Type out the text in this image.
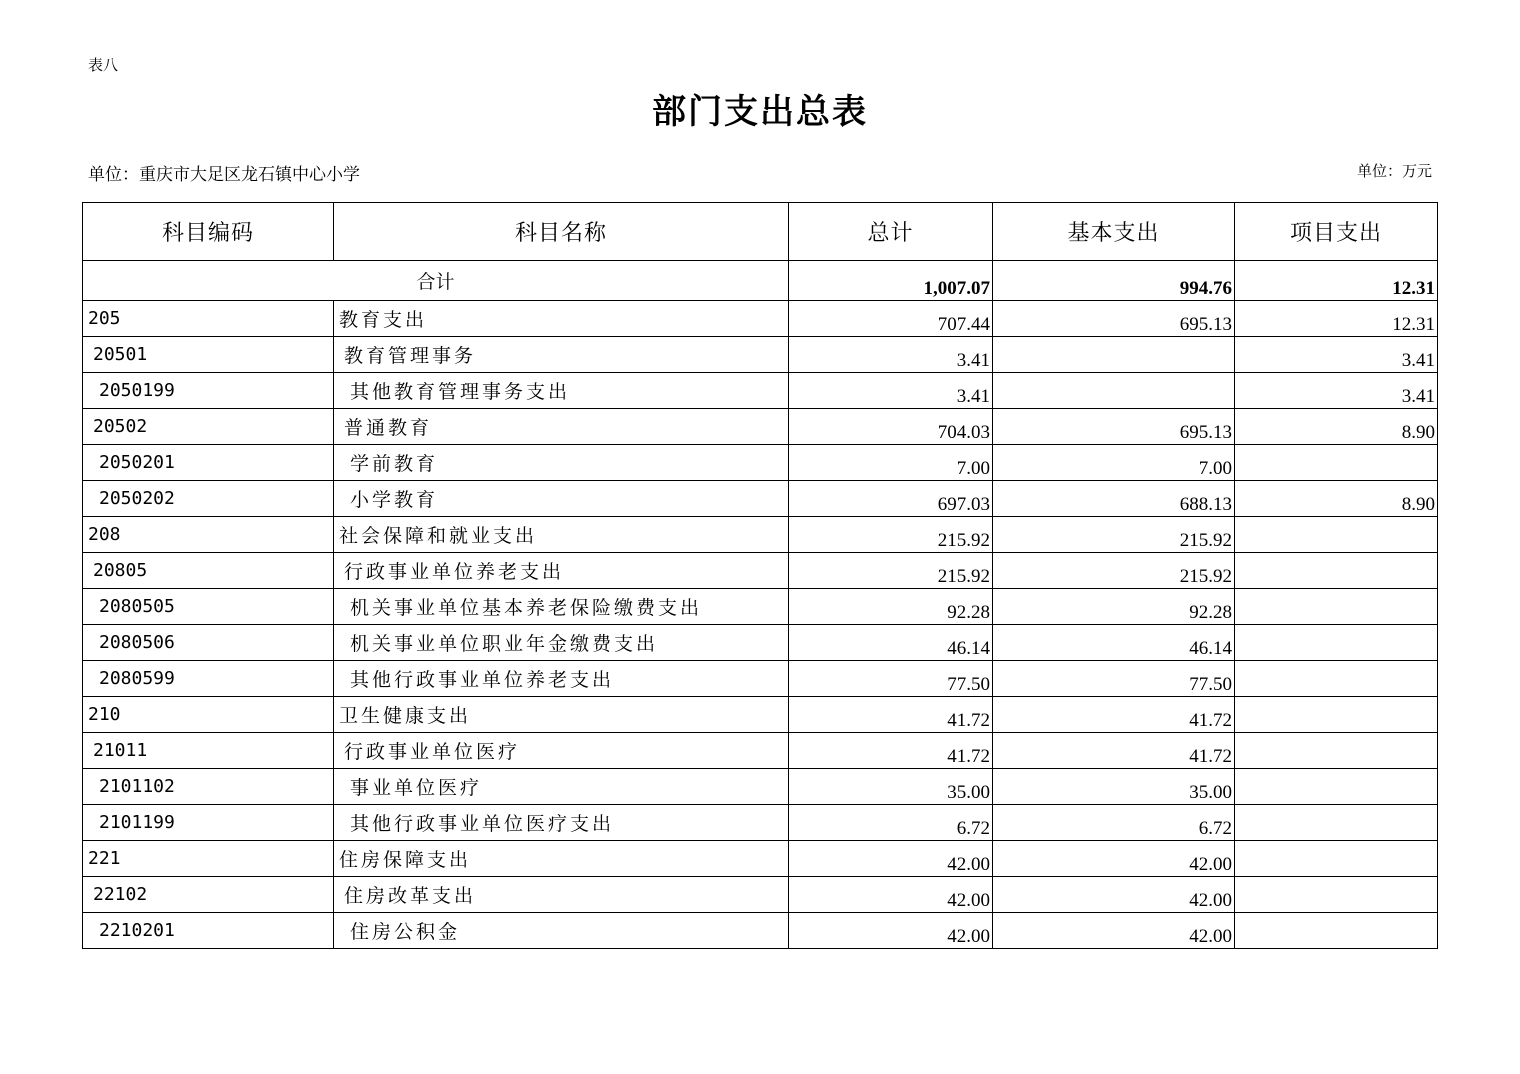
表八
部门支出总表
单位：重庆市大足区龙石镇中心小学	单位：万元
科目编码	科目名称	总计	基本支出	项目支出
合计		1,007.07	994.76	12.31
205	教育支出	707.44	695.13	12.31
20501	教育管理事务	3.41		3.41
2050199	其他教育管理事务支出	3.41		3.41
20502	普通教育	704.03	695.13	8.90
2050201	学前教育	7.00	7.00	
2050202	小学教育	697.03	688.13	8.90
208	社会保障和就业支出	215.92	215.92	
20805	行政事业单位养老支出	215.92	215.92	
2080505	机关事业单位基本养老保险缴费支出	92.28	92.28	
2080506	机关事业单位职业年金缴费支出	46.14	46.14	
2080599	其他行政事业单位养老支出	77.50	77.50	
210	卫生健康支出	41.72	41.72	
21011	行政事业单位医疗	41.72	41.72	
2101102	事业单位医疗	35.00	35.00	
2101199	其他行政事业单位医疗支出	6.72	6.72	
221	住房保障支出	42.00	42.00	
22102	住房改革支出	42.00	42.00	
2210201	住房公积金	42.00	42.00	
